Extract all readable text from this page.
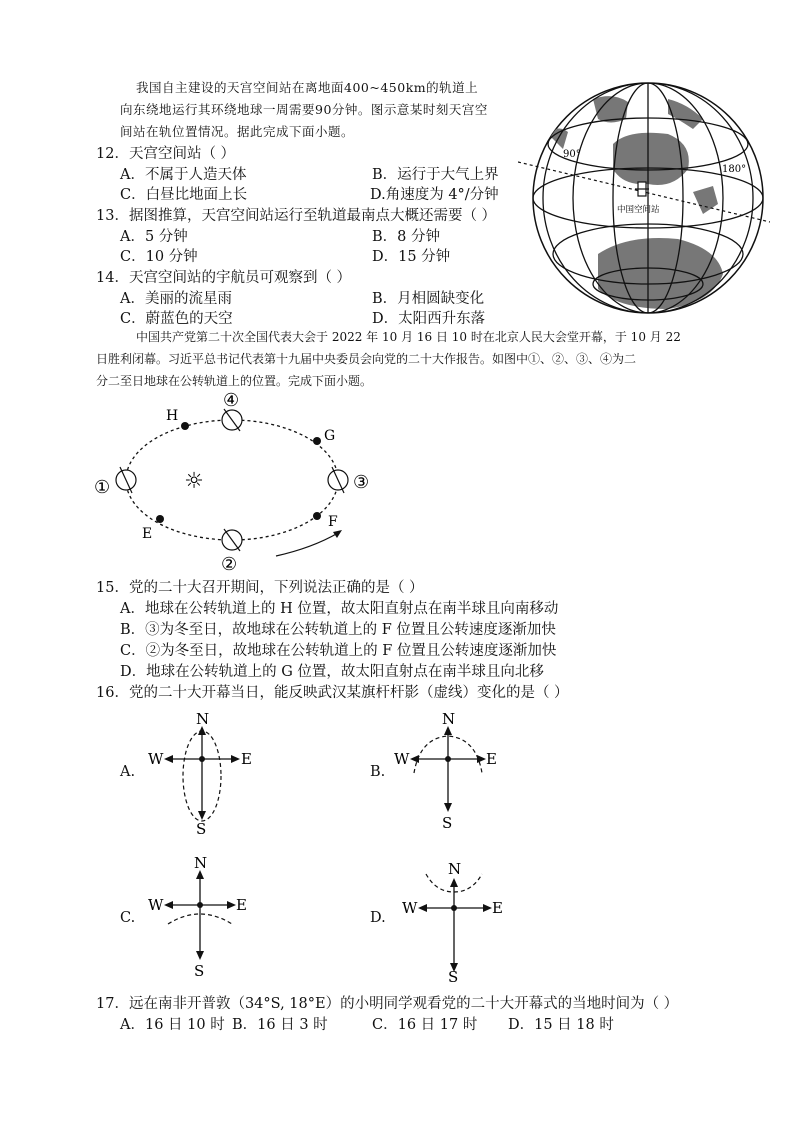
我国自主建设的天宫空间站在离地面400~450km的轨道上
向东绕地运行其环绕地球一周需要90分钟。图示意某时刻天宫空
间站在轨位置情况。据此完成下面小题。
90°
180°
中国空间站
12．天宫空间站（ ）
A．不属于人造天体	B．运行于大气上界
C．白昼比地面上长	D.角速度为 4°/分钟
13．据图推算，天宫空间站运行至轨道最南点大概还需要（ ）
A．5 分钟	B．8 分钟
C．10 分钟	D．15 分钟
14．天宫空间站的宇航员可观察到（ ）
A．美丽的流星雨	B．月相圆缺变化
C．蔚蓝色的天空	D．太阳西升东落
中国共产党第二十次全国代表大会于 2022 年 10 月 16 日 10 时在北京人民大会堂开幕，于 10 月 22
日胜利闭幕。习近平总书记代表第十九届中央委员会向党的二十大作报告。如图中①、②、③、④为二
分二至日地球在公转轨道上的位置。完成下面小题。
☼
①
②
③
④
H
G
F
E
15．党的二十大召开期间，下列说法正确的是（ ）
A．地球在公转轨道上的 H 位置，故太阳直射点在南半球且向南移动
B．③为冬至日，故地球在公转轨道上的 F 位置且公转速度逐渐加快
C．②为冬至日，故地球在公转轨道上的 F 位置且公转速度逐渐加快
D．地球在公转轨道上的 G 位置，故太阳直射点在南半球且向北移
16．党的二十大开幕当日，能反映武汉某旗杆杆影（虚线）变化的是（ ）
A.	B.
C.	D.
N
S
W	E
N
S
W	E
N
S
W	E
N
S
W	E
17．远在南非开普敦（34°S, 18°E）的小明同学观看党的二十大开幕式的当地时间为（ ）
A．16 日 10 时 B．16 日 3 时	C．16 日 17 时 D．15 日 18 时
